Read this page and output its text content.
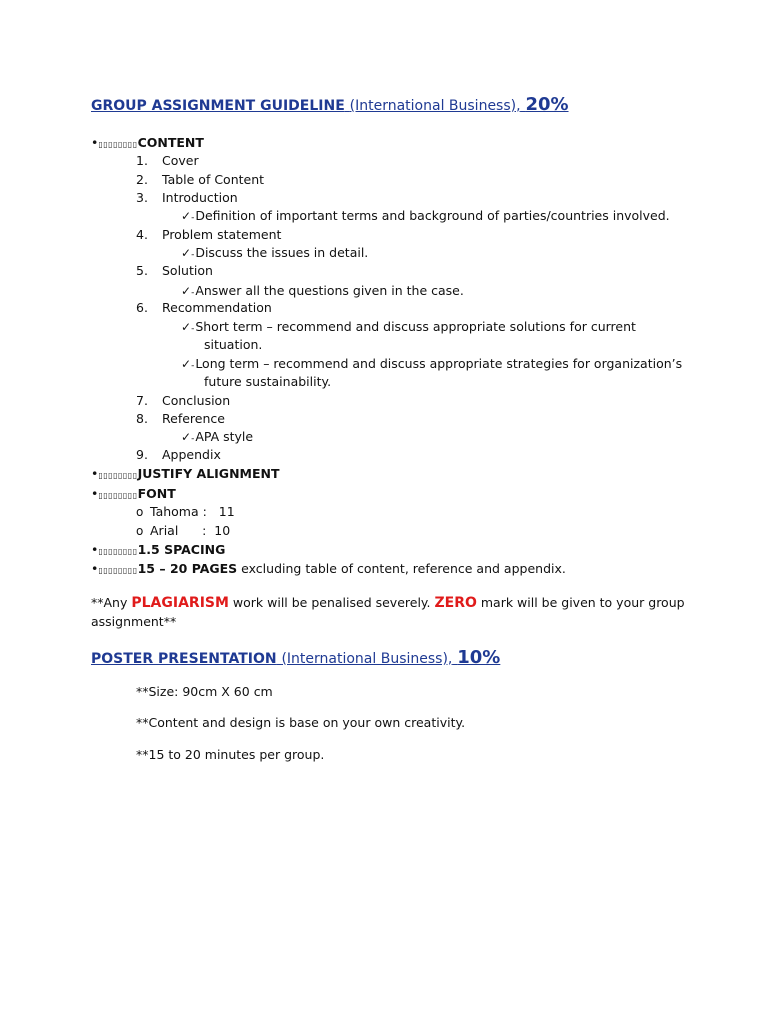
GROUP ASSIGNMENT GUIDELINE (International Business), 20%
•▯▯▯▯▯▯▯▯CONTENT
1. Cover
2. Table of Content
3. Introduction
✓-Definition of important terms and background of parties/countries involved.
4. Problem statement
✓-Discuss the issues in detail.
5. Solution
✓-Answer all the questions given in the case.
6. Recommendation
✓-Short term – recommend and discuss appropriate solutions for current
situation.
✓-Long term – recommend and discuss appropriate strategies for organization’s
future sustainability.
7. Conclusion
8. Reference
✓-APA style
9. Appendix
•▯▯▯▯▯▯▯▯JUSTIFY ALIGNMENT
•▯▯▯▯▯▯▯▯FONT
o Tahoma :   11
o Arial      :  10
•▯▯▯▯▯▯▯▯1.5 SPACING
•▯▯▯▯▯▯▯▯15 – 20 PAGES excluding table of content, reference and appendix.
**Any PLAGIARISM work will be penalised severely. ZERO mark will be given to your group
assignment**
POSTER PRESENTATION (International Business), 10%
**Size: 90cm X 60 cm
**Content and design is base on your own creativity.
**15 to 20 minutes per group.
